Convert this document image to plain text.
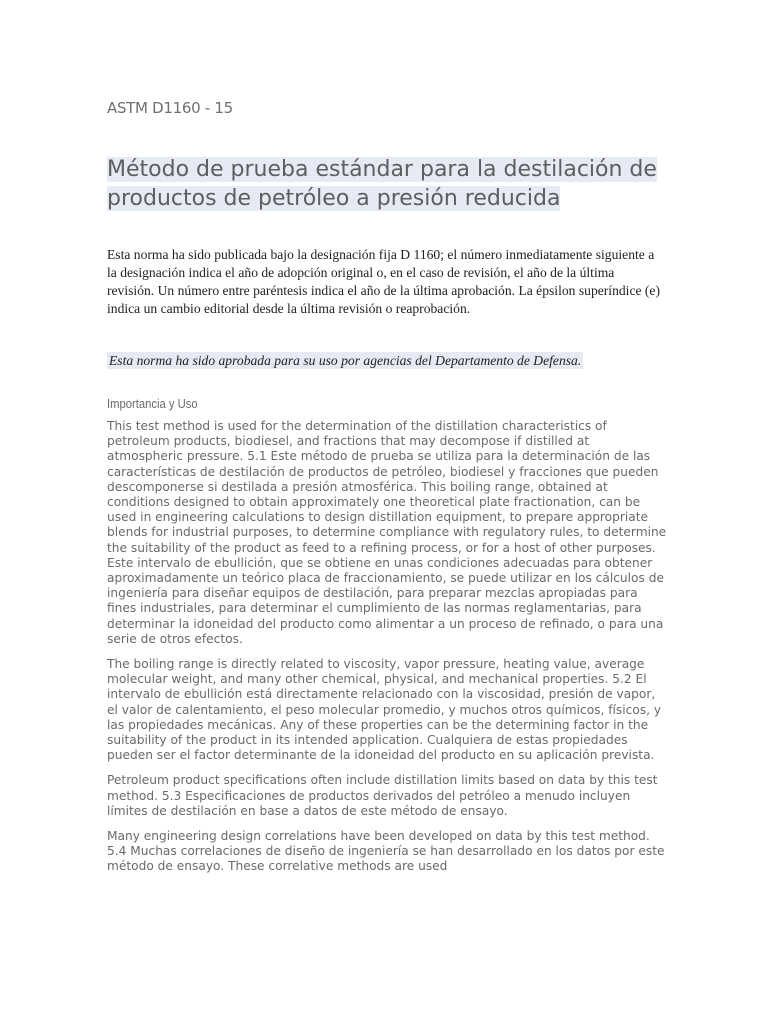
ASTM D1160 - 15
Método de prueba estándar para la destilación de productos de petróleo a presión reducida
Esta norma ha sido publicada bajo la designación fija D 1160; el número inmediatamente siguiente a la designación indica el año de adopción original o, en el caso de revisión, el año de la última revisión. Un número entre paréntesis indica el año de la última aprobación. La épsilon superíndice (e) indica un cambio editorial desde la última revisión o reaprobación.
Esta norma ha sido aprobada para su uso por agencias del Departamento de Defensa.
Importancia y Uso

This test method is used for the determination of the distillation characteristics of petroleum products, biodiesel, and fractions that may decompose if distilled at atmospheric pressure. 5.1 Este método de prueba se utiliza para la determinación de las características de destilación de productos de petróleo, biodiesel y fracciones que pueden descomponerse si destilada a presión atmosférica. This boiling range, obtained at conditions designed to obtain approximately one theoretical plate fractionation, can be used in engineering calculations to design distillation equipment, to prepare appropriate blends for industrial purposes, to determine compliance with regulatory rules, to determine the suitability of the product as feed to a refining process, or for a host of other purposes. Este intervalo de ebullición, que se obtiene en unas condiciones adecuadas para obtener aproximadamente un teórico placa de fraccionamiento, se puede utilizar en los cálculos de ingeniería para diseñar equipos de destilación, para preparar mezclas apropiadas para fines industriales, para determinar el cumplimiento de las normas reglamentarias, para determinar la idoneidad del producto como alimentar a un proceso de refinado, o para una serie de otros efectos.

The boiling range is directly related to viscosity, vapor pressure, heating value, average molecular weight, and many other chemical, physical, and mechanical properties. 5.2 El intervalo de ebullición está directamente relacionado con la viscosidad, presión de vapor, el valor de calentamiento, el peso molecular promedio, y muchos otros químicos, físicos, y las propiedades mecánicas. Any of these properties can be the determining factor in the suitability of the product in its intended application. Cualquiera de estas propiedades pueden ser el factor determinante de la idoneidad del producto en su aplicación prevista.

Petroleum product specifications often include distillation limits based on data by this test method. 5.3 Especificaciones de productos derivados del petróleo a menudo incluyen límites de destilación en base a datos de este método de ensayo.

Many engineering design correlations have been developed on data by this test method. 5.4 Muchas correlaciones de diseño de ingeniería se han desarrollado en los datos por este método de ensayo. These correlative methods are used
